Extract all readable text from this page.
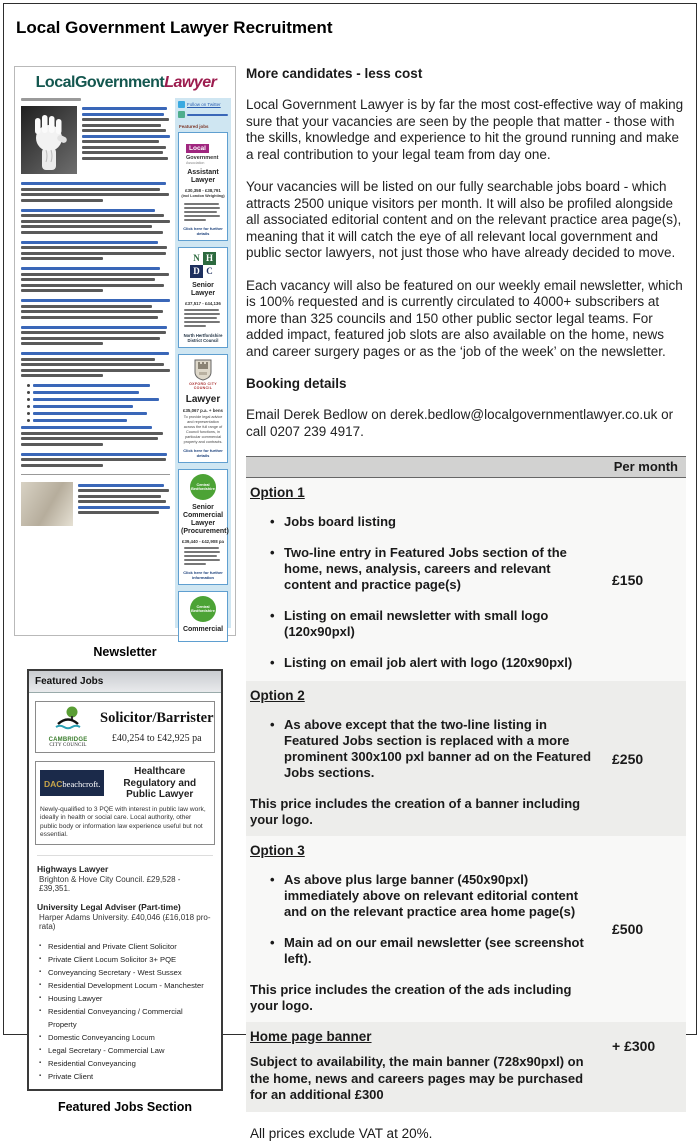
Local Government Lawyer Recruitment
LocalGovernmentLawyer
Follow on Twitter
Featured jobs
Local
Government
Association
Assistant Lawyer
£30,358 - £38,791
(incl London Weighting)
Click here for further details
N H
D C
Senior Lawyer
£37,517 - £44,136
North Hertfordshire District Council
OXFORD CITY COUNCIL
Lawyer
£35,067 p.a. + bens
To provide legal advice and representation across the full range of Council functions, in particular commercial property and contracts.
Click here for further details
Central Bedfordshire
Senior Commercial Lawyer (Procurement)
£39,440 - £42,908 pa
Click here for further information
Central Bedfordshire
Commercial
Newsletter
Featured Jobs
CAMBRIDGE
CITY COUNCIL
Solicitor/Barrister
£40,254 to £42,925 pa
DACbeachcroft.
Healthcare Regulatory and Public Lawyer
Newly-qualified to 3 PQE with interest in public law work, ideally in health or social care. Local authority, other public body or information law experience useful but not essential.
Highways Lawyer
Brighton & Hove City Council. £29,528 - £39,351.
University Legal Adviser (Part-time)
Harper Adams University. £40,046 (£16,018 pro-rata)
▪ Residential and Private Client Solicitor
▪ Private Client Locum Solicitor 3+ PQE
▪ Conveyancing Secretary - West Sussex
▪ Residential Development Locum - Manchester
▪ Housing Lawyer
▪ Residential Conveyancing / Commercial Property
▪ Domestic Conveyancing Locum
▪ Legal Secretary - Commercial Law
▪ Residential Conveyancing
▪ Private Client
Featured Jobs Section
More candidates - less cost

Local Government Lawyer is by far the most cost-effective way of making sure that your vacancies are seen by the people that matter - those with the skills, knowledge and experience to hit the ground running and make a real contribution to your legal team from day one.

Your vacancies will be listed on our fully searchable jobs board - which attracts 2500 unique visitors per month. It will also be profiled alongside all associated editorial content and on the relevant practice area page(s), meaning that it will catch the eye of all relevant local government and public sector lawyers, not just those who have already decided to move.

Each vacancy will also be featured on our weekly email newsletter, which is 100% requested and is currently circulated to 4000+ subscribers at more than 325 councils and 150 other public sector legal teams. For added impact, featured job slots are also available on the home, news and career surgery pages or as the ‘job of the week’ on the newsletter.

Booking details

Email Derek Bedlow on derek.bedlow@localgovernmentlawyer.co.uk or call 0207 239 4917.

Per month
Option 1
• Jobs board listing
• Two-line entry in Featured Jobs section of the home, news, analysis, careers and relevant content and practice page(s)
• Listing on email newsletter with small logo (120x90pxl)
• Listing on email job alert with logo (120x90pxl)
£150
Option 2
• As above except that the two-line listing in Featured Jobs section is replaced with a more prominent 300x100 pxl banner ad on the Featured Jobs sections.
This price includes the creation of a banner including your logo.
£250
Option 3
• As above plus large banner (450x90pxl) immediately above on relevant editorial content and on the relevant practice area home page(s)
• Main ad on our email newsletter (see screenshot left).
This price includes the creation of the ads including your logo.
£500
Home page banner
Subject to availability, the main banner (728x90pxl) on the home, news and careers pages may be purchased for an additional £300
+ £300
All prices exclude VAT at 20%.
